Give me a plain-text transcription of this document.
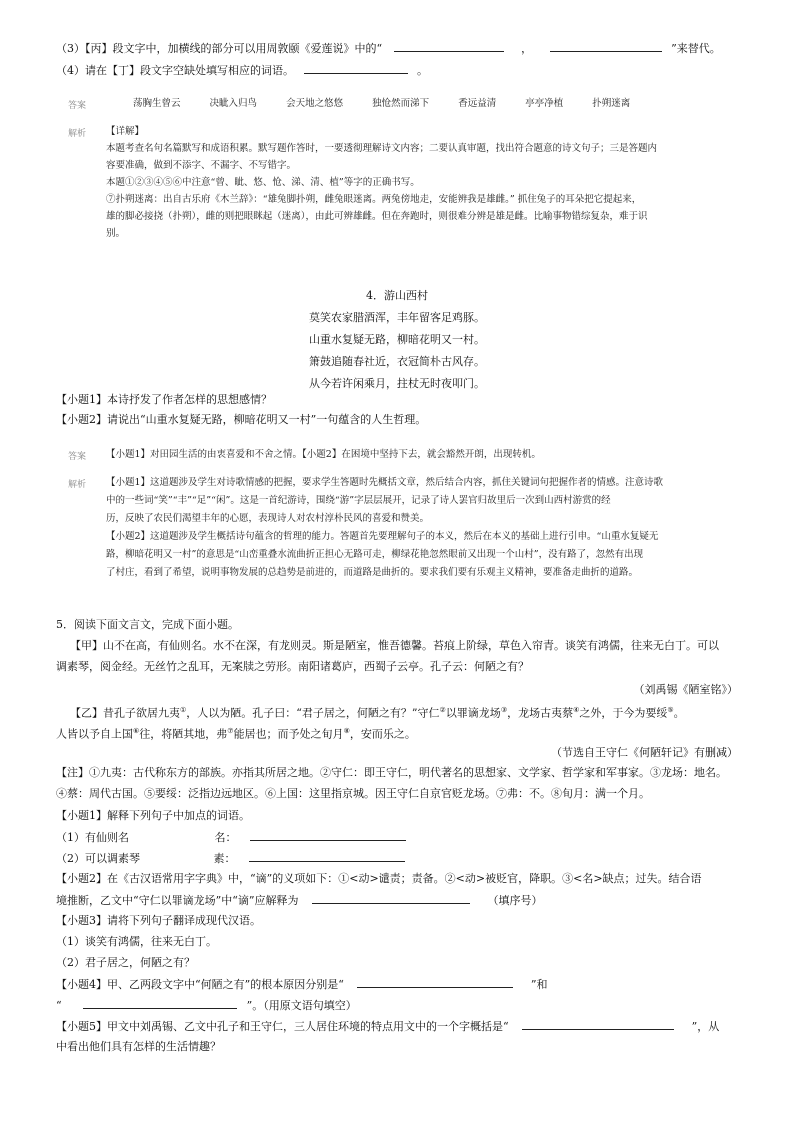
（3）【丙】段文字中，加横线的部分可以用周敦颐《爱莲说》中的“	，	”来替代。
（4）请在【丁】段文字空缺处填写相应的词语。	。
答案	荡胸生曾云	决眦入归鸟	会天地之悠悠	独怆然而涕下	香远益清	亭亭净植	扑朔迷离
解析 【详解】
本题考查名句名篇默写和成语积累。默写题作答时，一要透彻理解诗文内容；二要认真审题，找出符合题意的诗文句子；三是答题内
容要准确，做到不添字、不漏字、不写错字。
本题①②③④⑤⑥中注意“曾、眦、悠、怆、涕、清、植”等字的正确书写。
⑦扑朔迷离：出自古乐府《木兰辞》：“雄兔脚扑朔，雌兔眼迷离。两兔傍地走，安能辨我是雄雌。” 抓住兔子的耳朵把它提起来，
雄的脚必接挠（扑朔），雌的则把眼眯起（迷离），由此可辨雄雌。但在奔跑时，则很难分辨是雄是雌。比喻事物错综复杂，难于识
别。
4．游山西村
莫笑农家腊酒浑，丰年留客足鸡豚。
山重水复疑无路，柳暗花明又一村。
箫鼓追随春社近，衣冠简朴古风存。
从今若许闲乘月，拄杖无时夜叩门。
【小题1】本诗抒发了作者怎样的思想感情？
【小题2】请说出“山重水复疑无路，柳暗花明又一村”一句蕴含的人生哲理。
答案 【小题1】对田园生活的由衷喜爱和不舍之情。【小题2】在困境中坚持下去，就会豁然开朗，出现转机。
解析 【小题1】这道题涉及学生对诗歌情感的把握，要求学生答题时先概括文章，然后结合内容，抓住关键词句把握作者的情感。注意诗歌
中的一些词“笑”“丰”“足”“闲”。这是一首纪游诗，围绕“游”字层层展开，记录了诗人罢官归故里后一次到山西村游赏的经
历，反映了农民们渴望丰年的心愿，表现诗人对农村淳朴民风的喜爱和赞美。
【小题2】这道题涉及学生概括诗句蕴含的哲理的能力。答题首先要理解句子的本义，然后在本义的基础上进行引申。“山重水复疑无
路，柳暗花明又一村”的意思是“山峦重叠水流曲折正担心无路可走，柳绿花艳忽然眼前又出现一个山村”，没有路了，忽然有出现
了村庄，看到了希望，说明事物发展的总趋势是前进的，而道路是曲折的。要求我们要有乐观主义精神，要准备走曲折的道路。
5．阅读下面文言文，完成下面小题。
【甲】山不在高，有仙则名。水不在深，有龙则灵。斯是陋室，惟吾德馨。苔痕上阶绿，草色入帘青。谈笑有鸿儒，往来无白丁。可以
调素琴，阅金经。无丝竹之乱耳，无案牍之劳形。南阳诸葛庐，西蜀子云亭。孔子云：何陋之有？
（刘禹锡《陋室铭》）
【乙】昔孔子欲居九夷①，人以为陋。孔子曰：“君子居之，何陋之有？”守仁②以罪谪龙场③，龙场古夷蔡④之外，于今为要绥⑤。
人皆以予自上国⑥往，将陋其地，弗⑦能居也；而予处之旬月⑧，安而乐之。
（节选自王守仁《何陋轩记》有删减）
【注】①九夷：古代称东方的部族。亦指其所居之地。②守仁：即王守仁，明代著名的思想家、文学家、哲学家和军事家。③龙场：地名。
④蔡：周代古国。⑤要绥：泛指边远地区。⑥上国：这里指京城。因王守仁自京官贬龙场。⑦弗：不。⑧旬月：满一个月。
【小题1】解释下列句子中加点的词语。
（1）有仙则名	名：
（2）可以调素琴	素：
【小题2】在《古汉语常用字字典》中，“谪”的义项如下：①<动>谴责；责备。②<动>被贬官，降职。③<名>缺点；过失。结合语
境推断，乙文中“守仁以罪谪龙场”中“谪”应解释为	（填序号）
【小题3】请将下列句子翻译成现代汉语。
（1）谈笑有鸿儒，往来无白丁。
（2）君子居之，何陋之有？
【小题4】甲、乙两段文字中“何陋之有”的根本原因分别是“	”和
“	”。（用原文语句填空）
【小题5】甲文中刘禹锡、乙文中孔子和王守仁，三人居住环境的特点用文中的一个字概括是“	”，从
中看出他们具有怎样的生活情趣？
